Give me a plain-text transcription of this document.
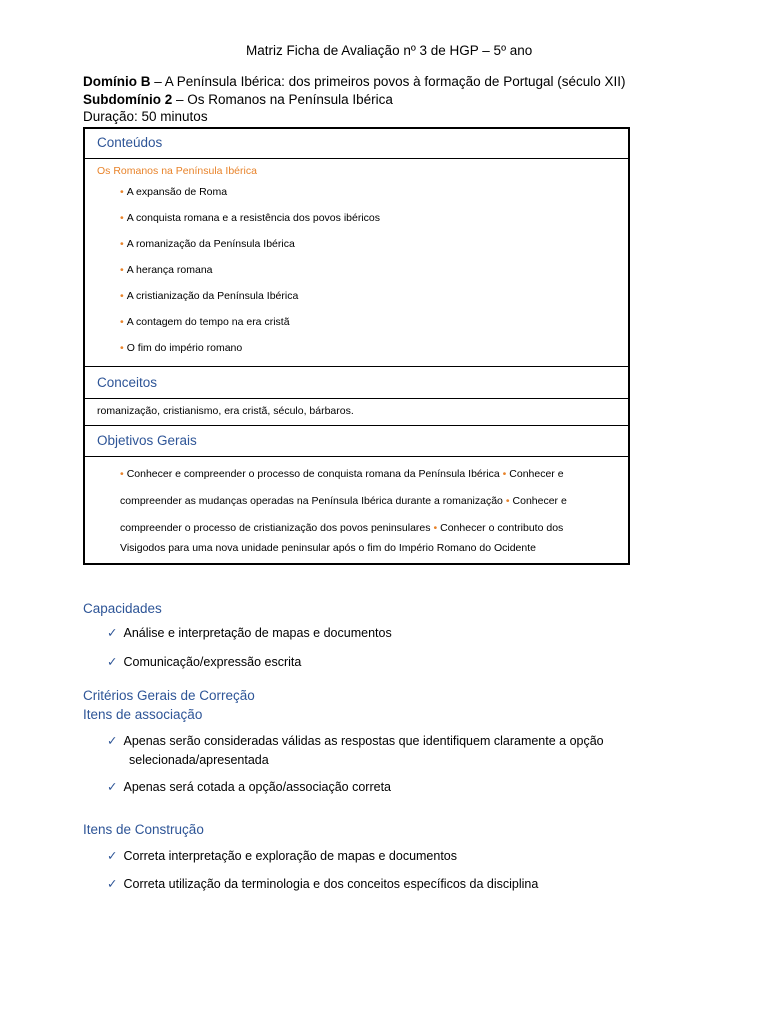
Matriz Ficha de Avaliação nº 3 de HGP – 5º ano
Domínio B – A Península Ibérica: dos primeiros povos à formação de Portugal (século XII) Subdomínio 2 – Os Romanos na Península Ibérica
Duração: 50 minutos
Conteúdos
Os Romanos na Península Ibérica
• A expansão de Roma
• A conquista romana e a resistência dos povos ibéricos
• A romanização da Península Ibérica
• A herança romana
• A cristianização da Península Ibérica
• A contagem do tempo na era cristã
• O fim do império romano
Conceitos
romanização, cristianismo, era cristã, século, bárbaros.
Objetivos Gerais
• Conhecer e compreender o processo de conquista romana da Península Ibérica • Conhecer e
compreender as mudanças operadas na Península Ibérica durante a romanização • Conhecer e
compreender o processo de cristianização dos povos peninsulares • Conhecer o contributo dos
Visigodos para uma nova unidade peninsular após o fim do Império Romano do Ocidente
Capacidades
✓ Análise e interpretação de mapas e documentos
✓ Comunicação/expressão escrita
Critérios Gerais de Correção
Itens de associação
✓ Apenas serão consideradas válidas as respostas que identifiquem claramente a opção
✓ Apenas será cotada a opção/associação correta
selecionada/apresentada
Itens de Construção
✓ Correta interpretação e exploração de mapas e documentos
✓ Correta utilização da terminologia e dos conceitos específicos da disciplina
